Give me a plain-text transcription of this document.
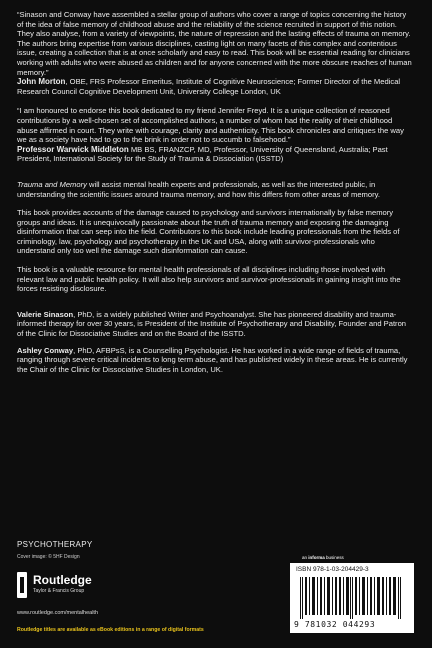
“Sinason and Conway have assembled a stellar group of authors who cover a range of topics concerning the history of the idea of false memory of childhood abuse and the reliability of the science recruited in support of this notion. They also analyse, from a variety of viewpoints, the nature of repression and the lasting effects of trauma on memory. The authors bring expertise from various disciplines, casting light on many facets of this complex and contentious issue, creating a collection that is at once scholarly and easy to read. This book will be essential reading for clinicians working with adults who were abused as children and for anyone concerned with the more obscure reaches of human memory.”

John Morton, OBE, FRS Professor Emeritus, Institute of Cognitive Neuroscience; Former Director of the Medical Research Council Cognitive Development Unit, University College London, UK

“I am honoured to endorse this book dedicated to my friend Jennifer Freyd. It is a unique collection of reasoned contributions by a well-chosen set of accomplished authors, a number of whom had the reality of their childhood abuse affirmed in court. They write with courage, clarity and authenticity. This book chronicles and critiques the way we as a society have had to go to the brink in order not to succumb to falsehood.”

Professor Warwick Middleton MB BS, FRANZCP, MD, Professor, University of Queensland, Australia; Past President, International Society for the Study of Trauma & Dissociation (ISSTD)

Trauma and Memory will assist mental health experts and professionals, as well as the interested public, in understanding the scientific issues around trauma memory, and how this differs from other areas of memory.

This book provides accounts of the damage caused to psychology and survivors internationally by false memory groups and ideas. It is unequivocally passionate about the truth of trauma memory and exposing the damaging disinformation that can seep into the field. Contributors to this book include leading professionals from the fields of criminology, law, psychology and psychotherapy in the UK and USA, along with survivor-professionals who understand only too well the damage such disinformation can cause.

This book is a valuable resource for mental health professionals of all disciplines including those involved with relevant law and public health policy. It will also help survivors and survivor-professionals in gaining insight into the forces resisting disclosure.

Valerie Sinason, PhD, is a widely published Writer and Psychoanalyst. She has pioneered disability and trauma-informed therapy for over 30 years, is President of the Institute of Psychotherapy and Disability, Founder and Patron of the Clinic for Dissociative Studies and on the Board of the ISSTD.

Ashley Conway, PhD, AFBPsS, is a Counselling Psychologist. He has worked in a wide range of fields of trauma, ranging through severe critical incidents to long term abuse, and has published widely in these areas. He is currently the Chair of the Clinic for Dissociative Studies in London, UK.

PSYCHOTHERAPY
Cover image: © 5HF Design
Routledge
Taylor & Francis Group
www.routledge.com/mentalhealth
Routledge titles are available as eBook editions in a range of digital formats
an informa business
ISBN 978-1-03-204429-3
9 781032 044293
